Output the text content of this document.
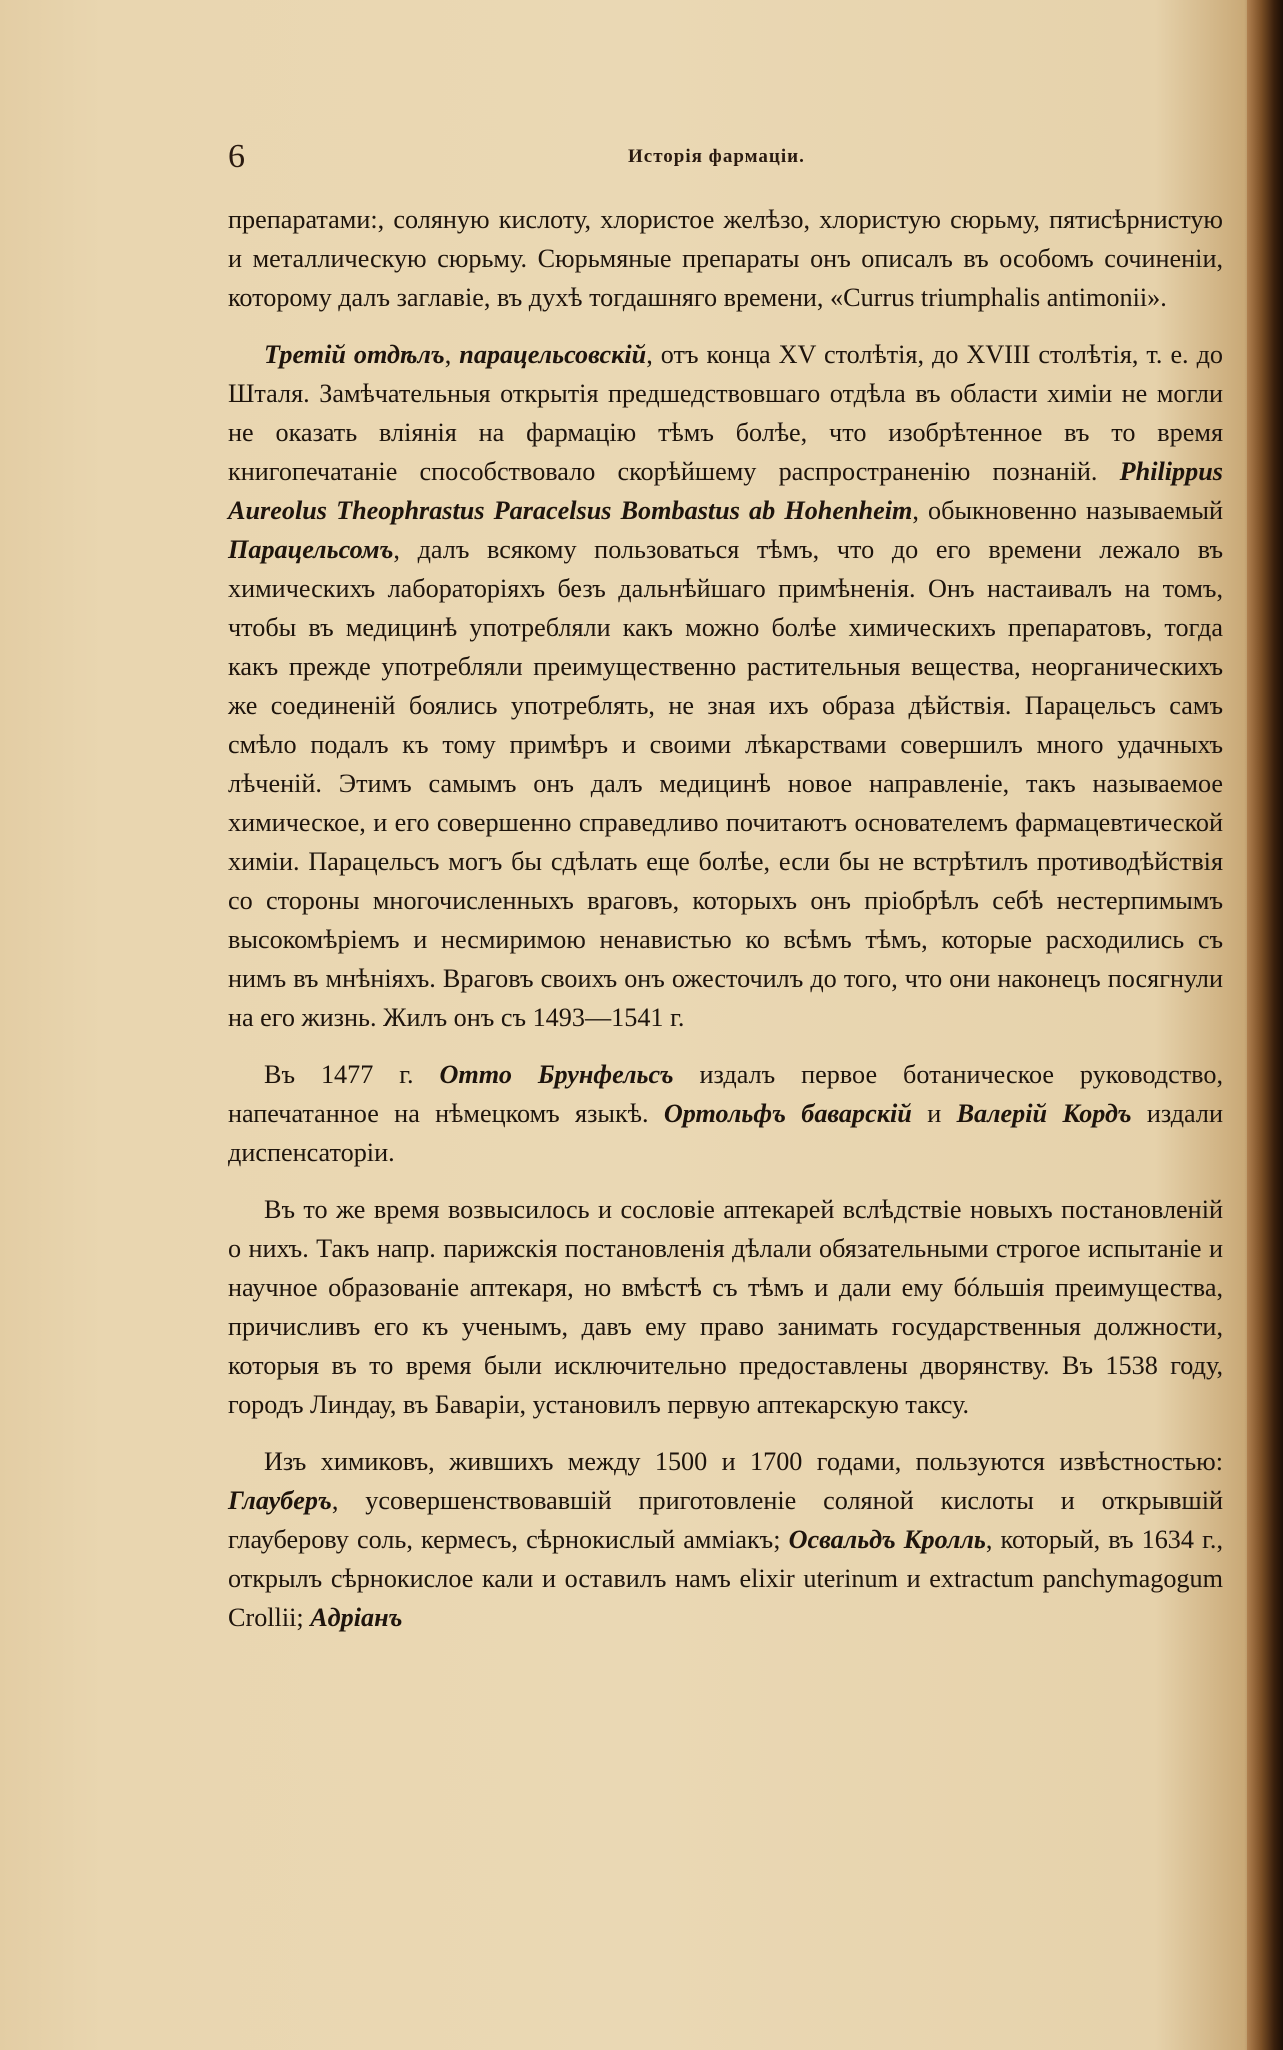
6	Исторія фармаціи.

препаратами:, соляную кислоту, хлористое желѣзо, хлористую сюрьму, пятисѣрнистую и металлическую сюрьму. Сюрьмяные препараты онъ описалъ въ особомъ сочиненіи, которому далъ заглавіе, въ духѣ тогдашняго времени, «Currus triumphalis antimonii».

Третій отдѣлъ, парацельсовскій, отъ конца XV столѣтія, до XVIII столѣтія, т. е. до Шталя. Замѣчательныя открытія предшедствовшаго отдѣла въ области химіи не могли не оказать вліянія на фармацію тѣмъ болѣе, что изобрѣтенное въ то время книгопечатаніе способствовало скорѣйшему распространенію познаній. Philippus Aureolus Theophrastus Paracelsus Bombastus ab Hohenheim, обыкновенно называемый Парацельсомъ, далъ всякому пользоваться тѣмъ, что до его времени лежало въ химическихъ лабораторіяхъ безъ дальнѣйшаго примѣненія. Онъ настаивалъ на томъ, чтобы въ медицинѣ употребляли какъ можно болѣе химическихъ препаратовъ, тогда какъ прежде употребляли преимущественно растительныя вещества, неорганическихъ же соединеній боялись употреблять, не зная ихъ образа дѣйствія. Парацельсъ самъ смѣло подалъ къ тому примѣръ и своими лѣкарствами совершилъ много удачныхъ лѣченій. Этимъ самымъ онъ далъ медицинѣ новое направленіе, такъ называемое химическое, и его совершенно справедливо почитаютъ основателемъ фармацевтической химіи. Парацельсъ могъ бы сдѣлать еще болѣе, если бы не встрѣтилъ противодѣйствія со стороны многочисленныхъ враговъ, которыхъ онъ пріобрѣлъ себѣ нестерпимымъ высокомѣріемъ и несмиримою ненавистью ко всѣмъ тѣмъ, которые расходились съ нимъ въ мнѣніяхъ. Враговъ своихъ онъ ожесточилъ до того, что они наконецъ посягнули на его жизнь. Жилъ онъ съ 1493—1541 г.

Въ 1477 г. Отто Брунфельсъ издалъ первое ботаническое руководство, напечатанное на нѣмецкомъ языкѣ. Ортольфъ баварскій и Валерій Кордъ издали диспенсаторіи.

Въ то же время возвысилось и сословіе аптекарей вслѣдствіе новыхъ постановленій о нихъ. Такъ напр. парижскія постановленія дѣлали обязательными строгое испытаніе и научное образованіе аптекаря, но вмѣстѣ съ тѣмъ и дали ему бóльшія преимущества, причисливъ его къ ученымъ, давъ ему право занимать государственныя должности, которыя въ то время были исключительно предоставлены дворянству. Въ 1538 году, городъ Линдау, въ Баваріи, установилъ первую аптекарскую таксу.

Изъ химиковъ, жившихъ между 1500 и 1700 годами, пользуются извѣстностью: Глауберъ, усовершенствовавшій приготовленіе соляной кислоты и открывшій глауберову соль, кермесъ, сѣрнокислый аммiакъ; Освальдъ Кролль, который, въ 1634 г., открылъ сѣрнокислое кали и оставилъ намъ elixir uterinum и extractum panchymagogum Crollii; Адріанъ
